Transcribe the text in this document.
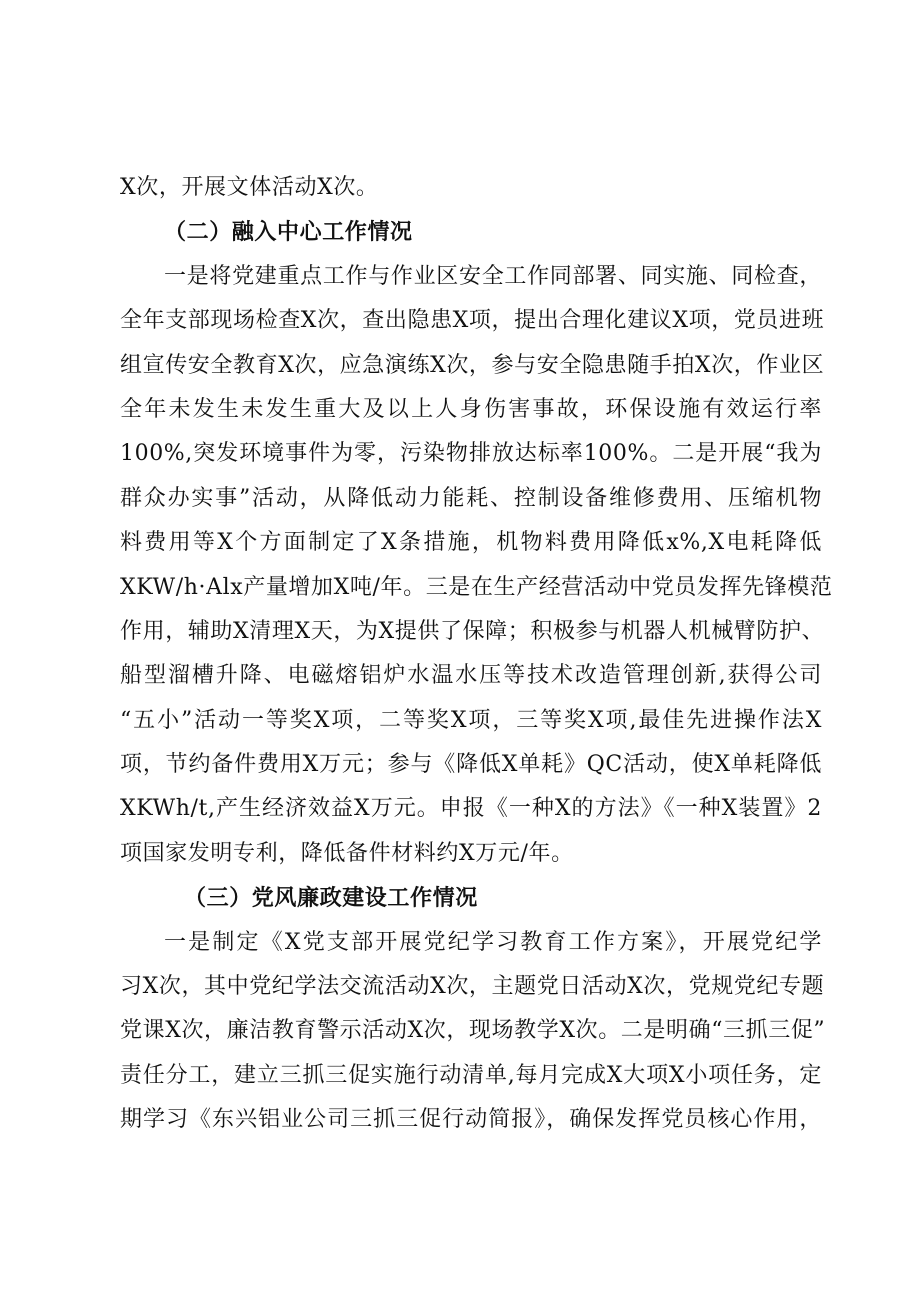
X次，开展文体活动X次。
（二）融入中心工作情况
一是将党建重点工作与作业区安全工作同部署、同实施、同检查，
全年支部现场检查X次，查出隐患X项，提出合理化建议X项，党员进班
组宣传安全教育X次，应急演练X次，参与安全隐患随手拍X次，作业区
全年未发生未发生重大及以上人身伤害事故，环保设施有效运行率
100%,突发环境事件为零，污染物排放达标率100%。二是开展“我为
群众办实事”活动，从降低动力能耗、控制设备维修费用、压缩机物
料费用等X个方面制定了X条措施，机物料费用降低x%,X电耗降低
XKW/h·Alx产量增加X吨/年。三是在生产经营活动中党员发挥先锋模范
作用，辅助X清理X天，为X提供了保障；积极参与机器人机械臂防护、
船型溜槽升降、电磁熔铝炉水温水压等技术改造管理创新,获得公司
“五小”活动一等奖X项，二等奖X项，三等奖X项,最佳先进操作法X
项，节约备件费用X万元；参与《降低X单耗》QC活动，使X单耗降低
XKWh/t,产生经济效益X万元。申报《一种X的方法》《一种X装置》2
项国家发明专利，降低备件材料约X万元/年。
（三）党风廉政建设工作情况
一是制定《X党支部开展党纪学习教育工作方案》，开展党纪学
习X次，其中党纪学法交流活动X次，主题党日活动X次，党规党纪专题
党课X次，廉洁教育警示活动X次，现场教学X次。二是明确“三抓三促”
责任分工，建立三抓三促实施行动清单,每月完成X大项X小项任务，定
期学习《东兴铝业公司三抓三促行动简报》，确保发挥党员核心作用，
